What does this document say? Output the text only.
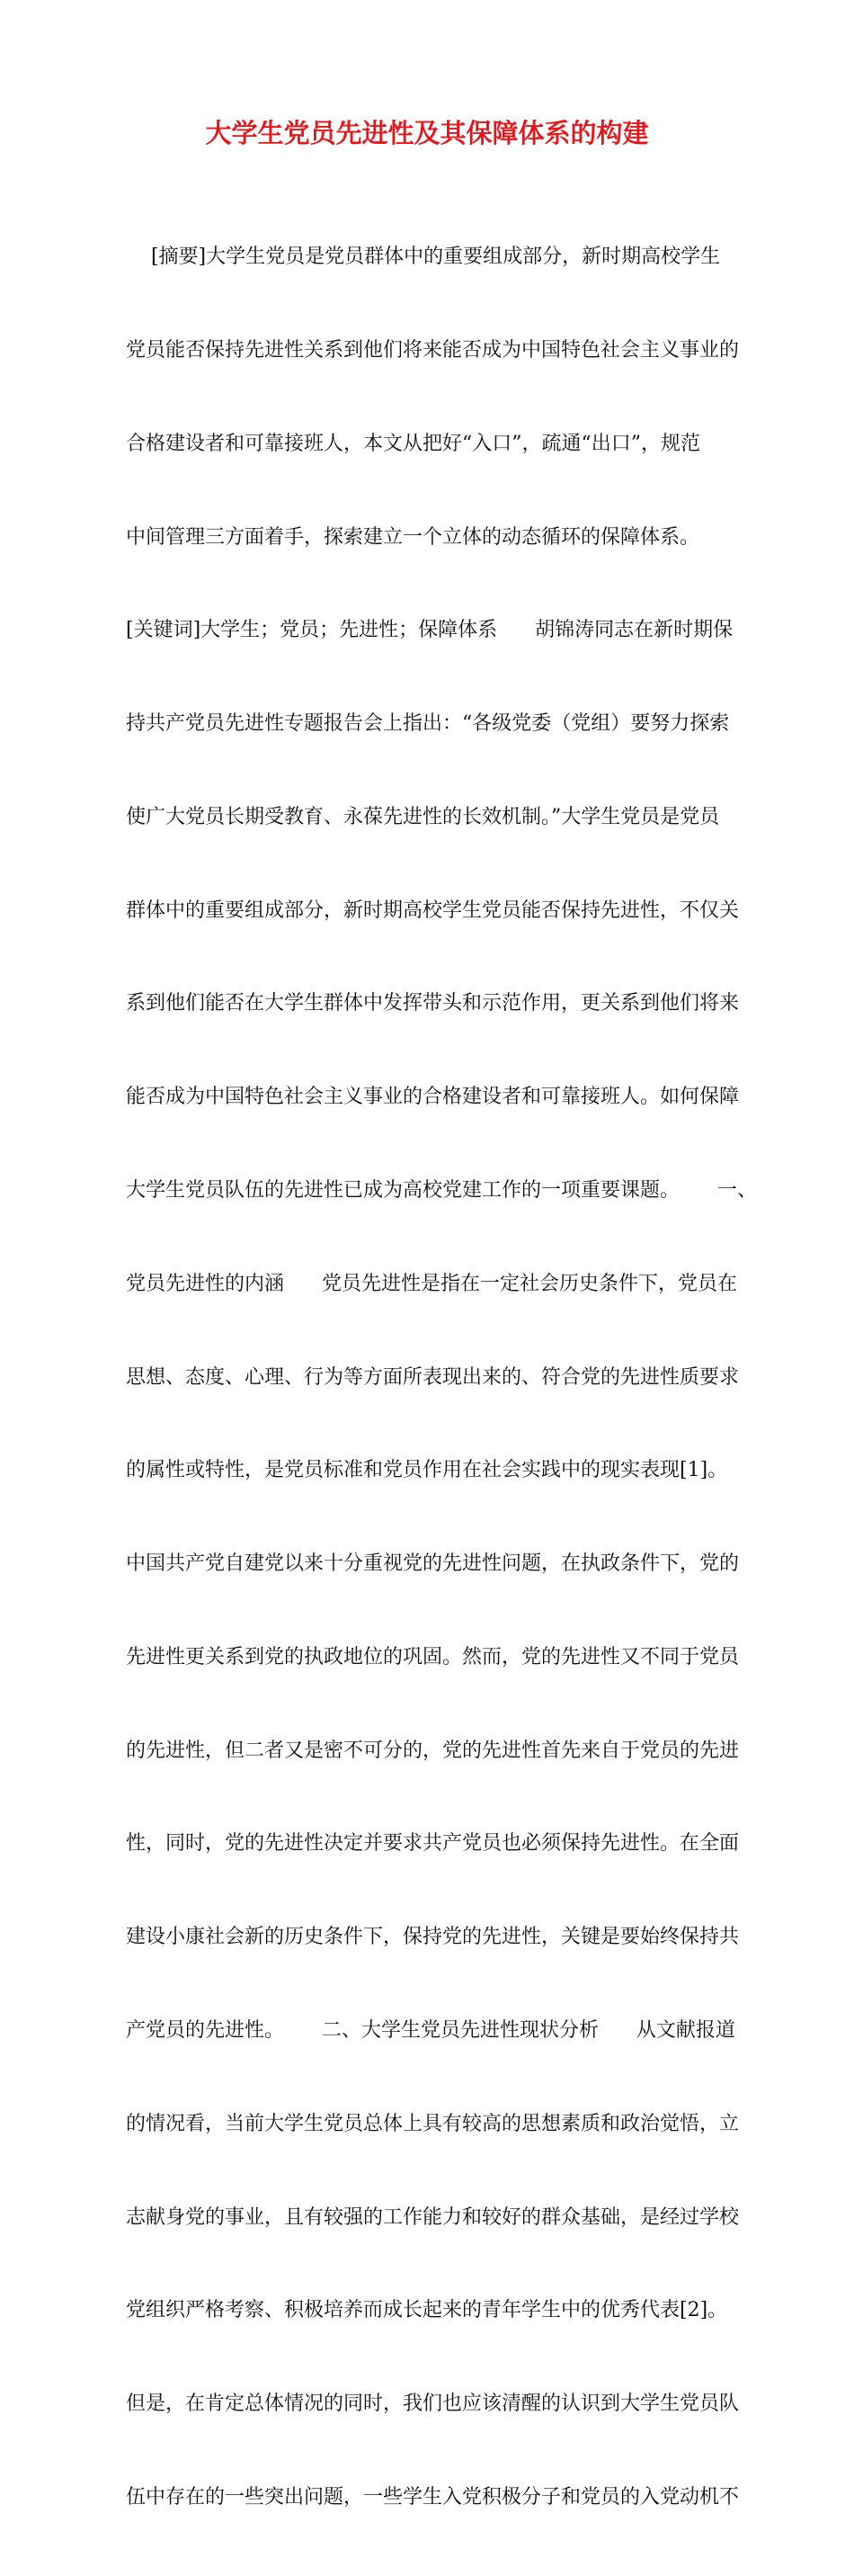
大学生党员先进性及其保障体系的构建

[摘要]大学生党员是党员群体中的重要组成部分，新时期高校学生

党员能否保持先进性关系到他们将来能否成为中国特色社会主义事业的

合格建设者和可靠接班人，本文从把好“入口”，疏通“出口”，规范

中间管理三方面着手，探索建立一个立体的动态循环的保障体系。

[关键词]大学生；党员；先进性；保障体系      胡锦涛同志在新时期保

持共产党员先进性专题报告会上指出：“各级党委（党组）要努力探索

使广大党员长期受教育、永葆先进性的长效机制。”大学生党员是党员

群体中的重要组成部分，新时期高校学生党员能否保持先进性，不仅关

系到他们能否在大学生群体中发挥带头和示范作用，更关系到他们将来

能否成为中国特色社会主义事业的合格建设者和可靠接班人。如何保障

大学生党员队伍的先进性已成为高校党建工作的一项重要课题。      一、

党员先进性的内涵      党员先进性是指在一定社会历史条件下，党员在

思想、态度、心理、行为等方面所表现出来的、符合党的先进性质要求

的属性或特性，是党员标准和党员作用在社会实践中的现实表现[1]。

中国共产党自建党以来十分重视党的先进性问题，在执政条件下，党的

先进性更关系到党的执政地位的巩固。然而，党的先进性又不同于党员

的先进性，但二者又是密不可分的，党的先进性首先来自于党员的先进

性，同时，党的先进性决定并要求共产党员也必须保持先进性。在全面

建设小康社会新的历史条件下，保持党的先进性，关键是要始终保持共

产党员的先进性。      二、大学生党员先进性现状分析      从文献报道

的情况看，当前大学生党员总体上具有较高的思想素质和政治觉悟，立

志献身党的事业，且有较强的工作能力和较好的群众基础，是经过学校

党组织严格考察、积极培养而成长起来的青年学生中的优秀代表[2]。

但是，在肯定总体情况的同时，我们也应该清醒的认识到大学生党员队

伍中存在的一些突出问题，一些学生入党积极分子和党员的入党动机不
